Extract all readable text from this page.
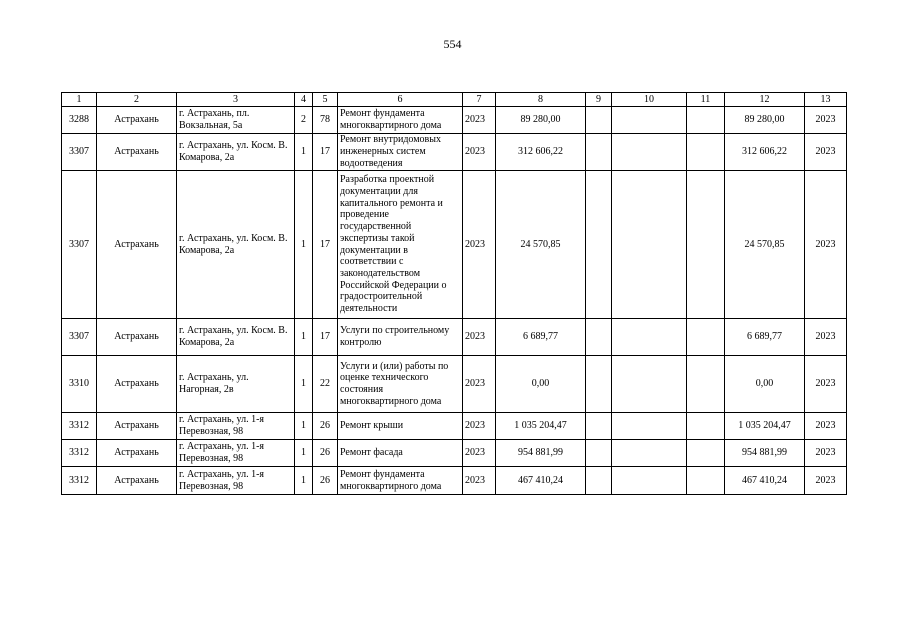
554
1	2	3	4	5	6	7	8	9	10	11	12	13
3288	Астрахань	г. Астрахань, пл. Вокзальная, 5а	2	78	Ремонт фундамента многоквартирного дома	2023	89 280,00				89 280,00	2023
3307	Астрахань	г. Астрахань, ул. Косм. В. Комарова, 2а	1	17	Ремонт внутридомовых инженерных систем водоотведения	2023	312 606,22				312 606,22	2023
3307	Астрахань	г. Астрахань, ул. Косм. В. Комарова, 2а	1	17	Разработка проектной документации для капитального ремонта и проведение государственной экспертизы такой документации в соответствии с законодательством Российской Федерации о градостроительной деятельности	2023	24 570,85				24 570,85	2023
3307	Астрахань	г. Астрахань, ул. Косм. В. Комарова, 2а	1	17	Услуги по строительному контролю	2023	6 689,77				6 689,77	2023
3310	Астрахань	г. Астрахань, ул. Нагорная, 2в	1	22	Услуги и (или) работы по оценке технического состояния многоквартирного дома	2023	0,00				0,00	2023
3312	Астрахань	г. Астрахань, ул. 1-я Перевозная, 98	1	26	Ремонт крыши	2023	1 035 204,47				1 035 204,47	2023
3312	Астрахань	г. Астрахань, ул. 1-я Перевозная, 98	1	26	Ремонт фасада	2023	954 881,99				954 881,99	2023
3312	Астрахань	г. Астрахань, ул. 1-я Перевозная, 98	1	26	Ремонт фундамента многоквартирного дома	2023	467 410,24				467 410,24	2023
